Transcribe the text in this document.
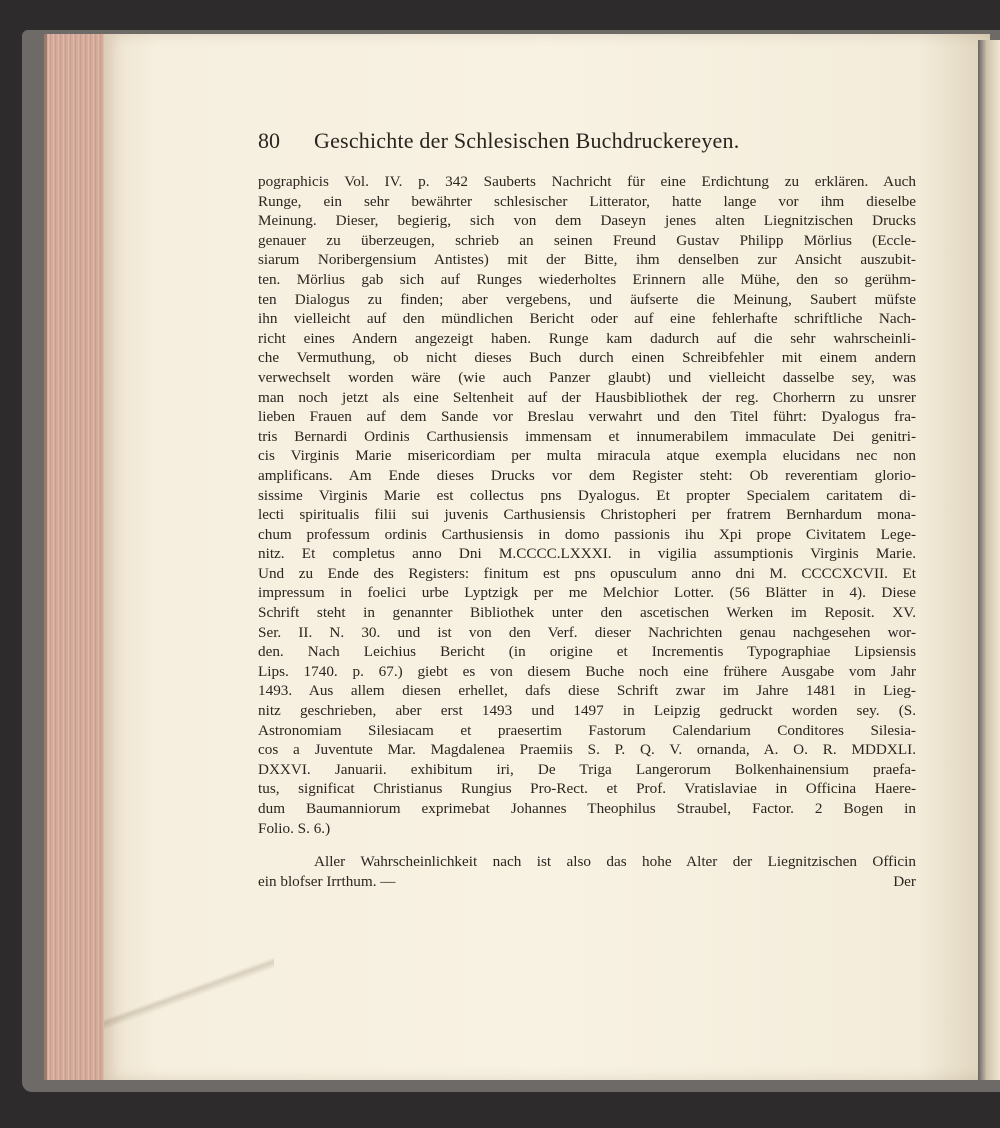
80	Geschichte der Schlesischen Buchdruckereyen.
pographicis Vol. IV. p. 342 Sauberts Nachricht für eine Erdichtung zu erklären. Auch
Runge, ein sehr bewährter schlesischer Litterator, hatte lange vor ihm dieselbe
Meinung. Dieser, begierig, sich von dem Daseyn jenes alten Liegnitzischen Drucks
genauer zu überzeugen, schrieb an seinen Freund Gustav Philipp Mörlius (Eccle-
siarum Noribergensium Antistes) mit der Bitte, ihm denselben zur Ansicht auszubit-
ten. Mörlius gab sich auf Runges wiederholtes Erinnern alle Mühe, den so gerühm-
ten Dialogus zu finden; aber vergebens, und äufserte die Meinung, Saubert müfste
ihn vielleicht auf den mündlichen Bericht oder auf eine fehlerhafte schriftliche Nach-
richt eines Andern angezeigt haben. Runge kam dadurch auf die sehr wahrscheinli-
che Vermuthung, ob nicht dieses Buch durch einen Schreibfehler mit einem andern
verwechselt worden wäre (wie auch Panzer glaubt) und vielleicht dasselbe sey, was
man noch jetzt als eine Seltenheit auf der Hausbibliothek der reg. Chorherrn zu unsrer
lieben Frauen auf dem Sande vor Breslau verwahrt und den Titel führt: Dyalogus fra-
tris Bernardi Ordinis Carthusiensis immensam et innumerabilem immaculate Dei genitri-
cis Virginis Marie misericordiam per multa miracula atque exempla elucidans nec non
amplificans. Am Ende dieses Drucks vor dem Register steht: Ob reverentiam glorio-
sissime Virginis Marie est collectus pns Dyalogus. Et propter Specialem caritatem di-
lecti spiritualis filii sui juvenis Carthusiensis Christopheri per fratrem Bernhardum mona-
chum professum ordinis Carthusiensis in domo passionis ihu Xpi prope Civitatem Lege-
nitz. Et completus anno Dni M.CCCC.LXXXI. in vigilia assumptionis Virginis Marie.
Und zu Ende des Registers: finitum est pns opusculum anno dni M. CCCCXCVII. Et
impressum in foelici urbe Lyptzigk per me Melchior Lotter. (56 Blätter in 4). Diese
Schrift steht in genannter Bibliothek unter den ascetischen Werken im Reposit. XV.
Ser. II. N. 30. und ist von den Verf. dieser Nachrichten genau nachgesehen wor-
den. Nach Leichius Bericht (in origine et Incrementis Typographiae Lipsiensis
Lips. 1740. p. 67.) giebt es von diesem Buche noch eine frühere Ausgabe vom Jahr
1493. Aus allem diesen erhellet, dafs diese Schrift zwar im Jahre 1481 in Lieg-
nitz geschrieben, aber erst 1493 und 1497 in Leipzig gedruckt worden sey. (S.
Astronomiam Silesiacam et praesertim Fastorum Calendarium Conditores Silesia-
cos a Juventute Mar. Magdalenea Praemiis S. P. Q. V. ornanda, A. O. R. MDDXLI.
DXXVI. Januarii. exhibitum iri, De Triga Langerorum Bolkenhainensium praefa-
tus, significat Christianus Rungius Pro-Rect. et Prof. Vratislaviae in Officina Haere-
dum Baumanniorum exprimebat Johannes Theophilus Straubel, Factor. 2 Bogen in
Folio. S. 6.)
Aller Wahrscheinlichkeit nach ist also das hohe Alter der Liegnitzischen Officin
ein blofser Irrthum. —	Der
